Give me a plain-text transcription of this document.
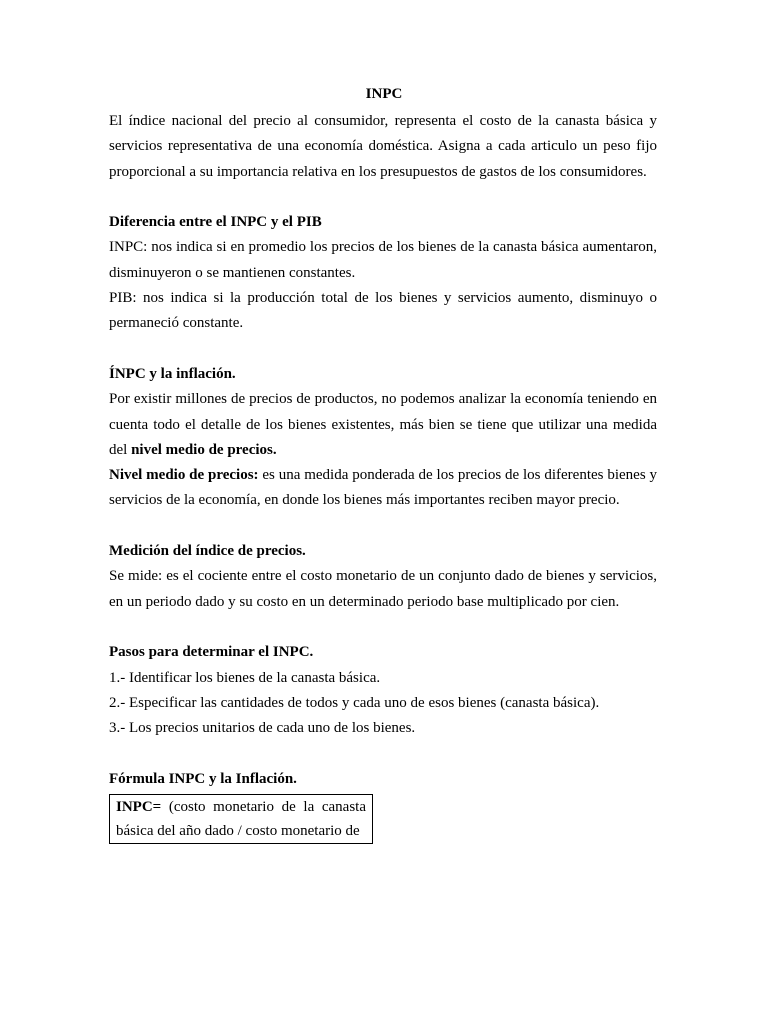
INPC

El índice nacional del precio al consumidor, representa el costo de la canasta básica y servicios representativa de una economía doméstica. Asigna a cada articulo un peso fijo proporcional a su importancia relativa en los presupuestos de gastos de los consumidores.

Diferencia entre el INPC y el PIB

INPC: nos indica si en promedio los precios de los bienes de la canasta básica aumentaron, disminuyeron o se mantienen constantes.

PIB: nos indica si la producción total de los bienes y servicios aumento, disminuyo o permaneció constante.

ÍNPC y la inflación.

Por existir millones de precios de productos, no podemos analizar la economía teniendo en cuenta todo el detalle de los bienes existentes, más bien se tiene que utilizar una medida del nivel medio de precios.

Nivel medio de precios: es una medida ponderada de los precios de los diferentes bienes y servicios de la economía, en donde los bienes más importantes reciben mayor precio.

Medición del índice de precios.

Se mide: es el cociente entre el costo monetario de un conjunto dado de bienes y servicios, en un periodo dado y su costo en un determinado periodo base multiplicado por cien.

Pasos para determinar el INPC.

1.- Identificar los bienes de la canasta básica.

2.- Especificar las cantidades de todos y cada uno de esos bienes (canasta básica).

3.- Los precios unitarios de cada uno de los bienes.

Fórmula INPC y la Inflación.
INPC= (costo monetario de la canasta básica del año dado / costo monetario de
